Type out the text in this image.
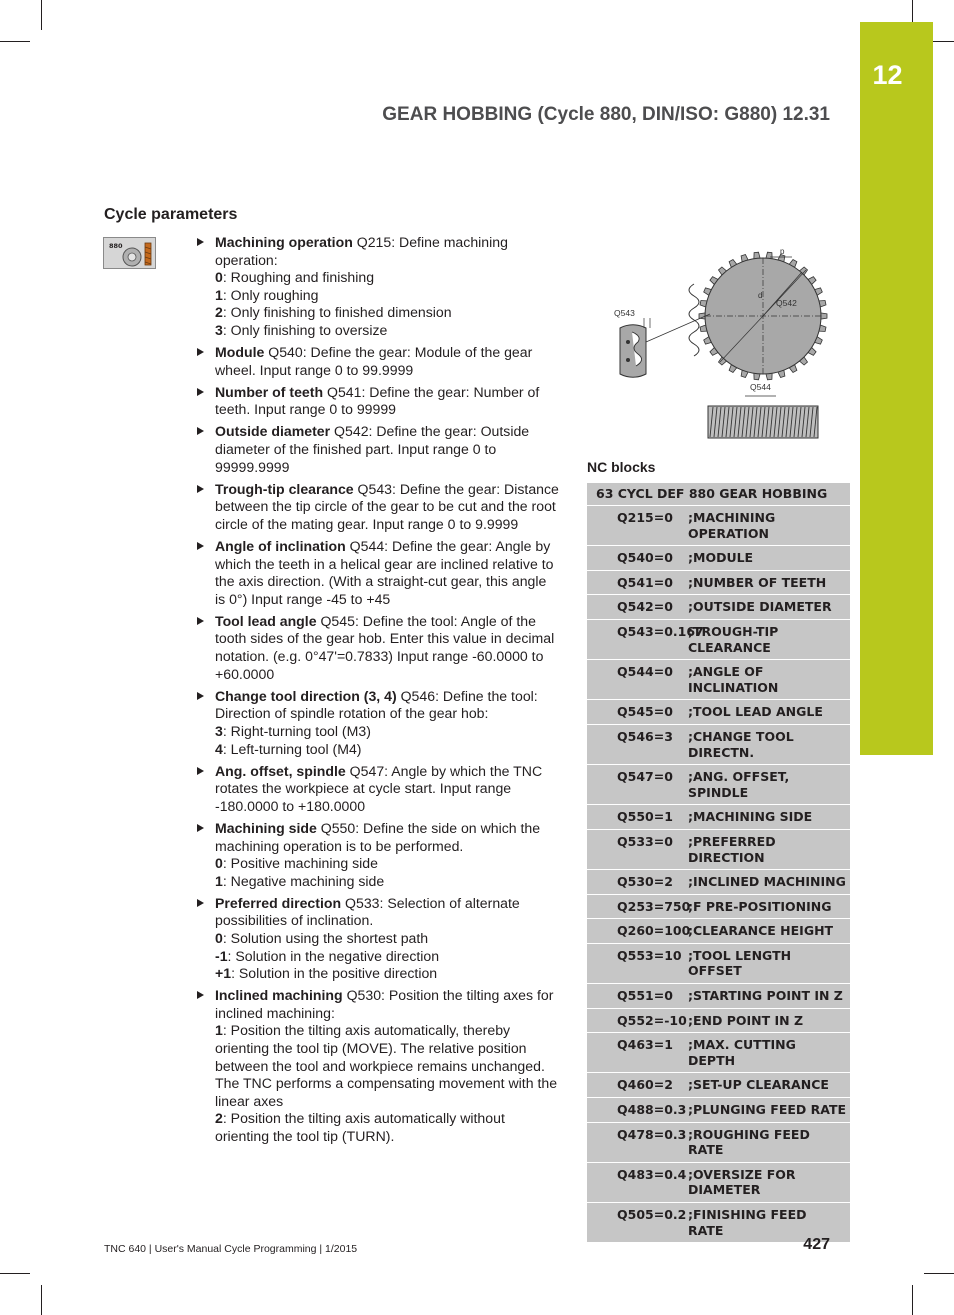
12
GEAR HOBBING (Cycle 880, DIN/ISO: G880) 12.31
Cycle parameters
880	Machining operation Q215: Define machining operation:
0: Roughing and finishing
1: Only roughing
2: Only finishing to finished dimension
3: Only finishing to oversize
Module Q540: Define the gear: Module of the gear wheel. Input range 0 to 99.9999
Number of teeth Q541: Define the gear: Number of teeth. Input range 0 to 99999
Outside diameter Q542: Define the gear: Outside diameter of the finished part. Input range 0 to 99999.9999
Trough-tip clearance Q543: Define the gear: Distance between the tip circle of the gear to be cut and the root circle of the mating gear. Input range 0 to 9.9999
Angle of inclination Q544: Define the gear: Angle by which the teeth in a helical gear are inclined relative to the axis direction. (With a straight-cut gear, this angle is 0°) Input range -45 to +45
Tool lead angle Q545: Define the tool: Angle of the tooth sides of the gear hob. Enter this value in decimal notation. (e.g. 0°47'=0.7833) Input range -60.0000 to +60.0000
Change tool direction (3, 4) Q546: Define the tool: Direction of spindle rotation of the gear hob:
3: Right-turning tool (M3)
4: Left-turning tool (M4)
Ang. offset, spindle Q547: Angle by which the TNC rotates the workpiece at cycle start. Input range -180.0000 to +180.0000
Machining side Q550: Define the side on which the machining operation is to be performed.
0: Positive machining side
1: Negative machining side
Preferred direction Q533: Selection of alternate possibilities of inclination.
0: Solution using the shortest path
-1: Solution in the negative direction
+1: Solution in the positive direction
Inclined machining Q530: Position the tilting axes for inclined machining:
1: Position the tilting axis automatically, thereby orienting the tool tip (MOVE). The relative position between the tool and workpiece remains unchanged. The TNC performs a compensating movement with the linear axes
2: Position the tilting axis automatically without orienting the tool tip (TURN).
Q543
Q542
d
p
Q544
NC blocks
63 CYCL DEF 880 GEAR HOBBING
Q215=0 ;MACHINING OPERATION
Q540=0 ;MODULE
Q541=0 ;NUMBER OF TEETH
Q542=0 ;OUTSIDE DIAMETER
Q543=0.167
;TROUGH-TIP CLEARANCE
Q544=0 ;ANGLE OF INCLINATION
Q545=0 ;TOOL LEAD ANGLE
Q546=3 ;CHANGE TOOL DIRECTN.
Q547=0 ;ANG. OFFSET, SPINDLE
Q550=1 ;MACHINING SIDE
Q533=0 ;PREFERRED DIRECTION
Q530=2 ;INCLINED MACHINING
Q253=750
;F PRE-POSITIONING
Q260=100
;CLEARANCE HEIGHT
Q553=10 ;TOOL LENGTH OFFSET
Q551=0 ;STARTING POINT IN Z
Q552=-10 ;END POINT IN Z
Q463=1 ;MAX. CUTTING DEPTH
Q460=2 ;SET-UP CLEARANCE
Q488=0.3 ;PLUNGING FEED RATE
Q478=0.3 ;ROUGHING FEED RATE
Q483=0.4 ;OVERSIZE FOR DIAMETER
Q505=0.2 ;FINISHING FEED RATE
TNC 640 | User's Manual Cycle Programming | 1/2015	427
